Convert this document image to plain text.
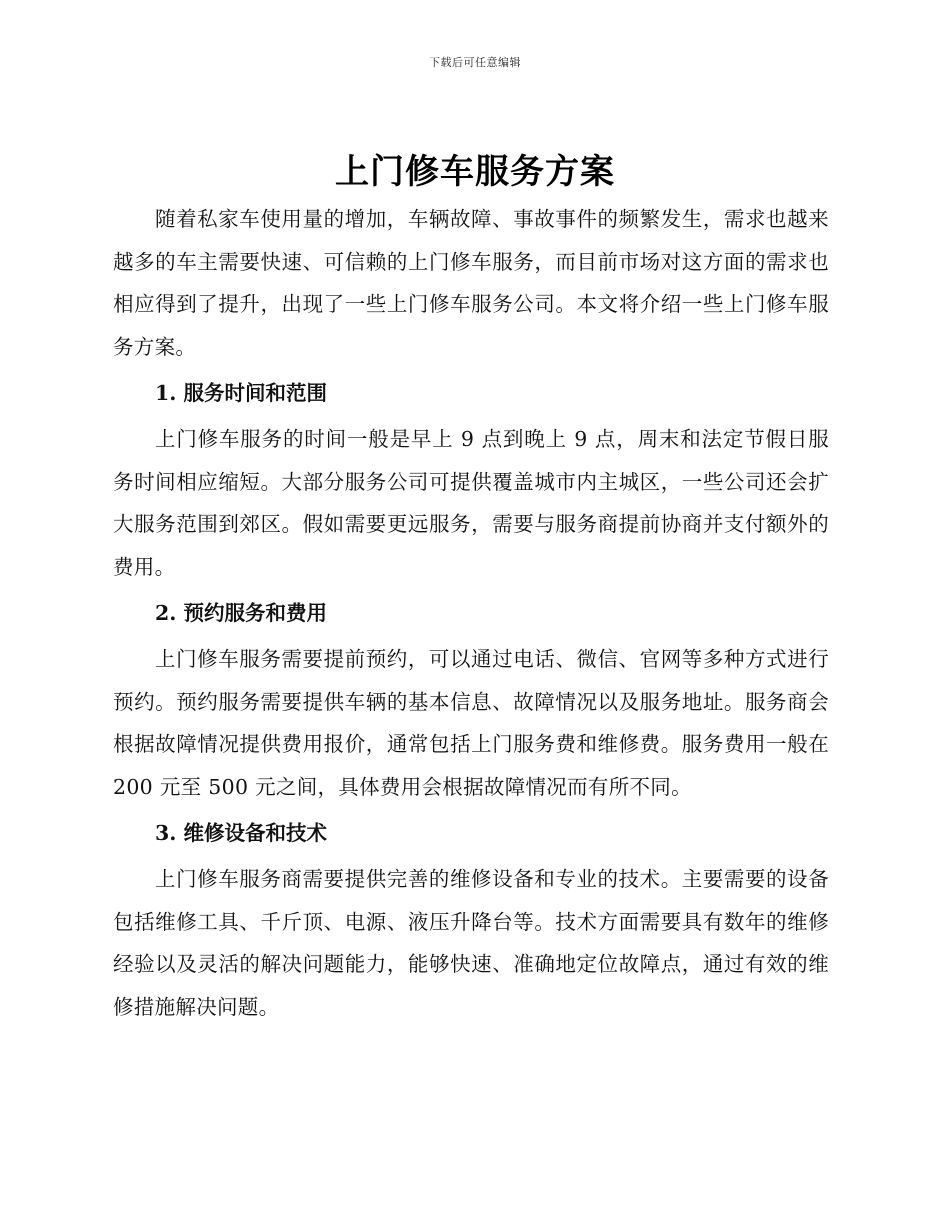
下载后可任意编辑
上门修车服务方案

随着私家车使用量的增加，车辆故障、事故事件的频繁发生，需求也越来越多的车主需要快速、可信赖的上门修车服务，而目前市场对这方面的需求也相应得到了提升，出现了一些上门修车服务公司。本文将介绍一些上门修车服务方案。

1. 服务时间和范围

上门修车服务的时间一般是早上 9 点到晚上 9 点，周末和法定节假日服务时间相应缩短。大部分服务公司可提供覆盖城市内主城区，一些公司还会扩大服务范围到郊区。假如需要更远服务，需要与服务商提前协商并支付额外的费用。

2. 预约服务和费用

上门修车服务需要提前预约，可以通过电话、微信、官网等多种方式进行预约。预约服务需要提供车辆的基本信息、故障情况以及服务地址。服务商会根据故障情况提供费用报价，通常包括上门服务费和维修费。服务费用一般在 200 元至 500 元之间，具体费用会根据故障情况而有所不同。

3. 维修设备和技术

上门修车服务商需要提供完善的维修设备和专业的技术。主要需要的设备包括维修工具、千斤顶、电源、液压升降台等。技术方面需要具有数年的维修经验以及灵活的解决问题能力，能够快速、准确地定位故障点，通过有效的维修措施解决问题。
